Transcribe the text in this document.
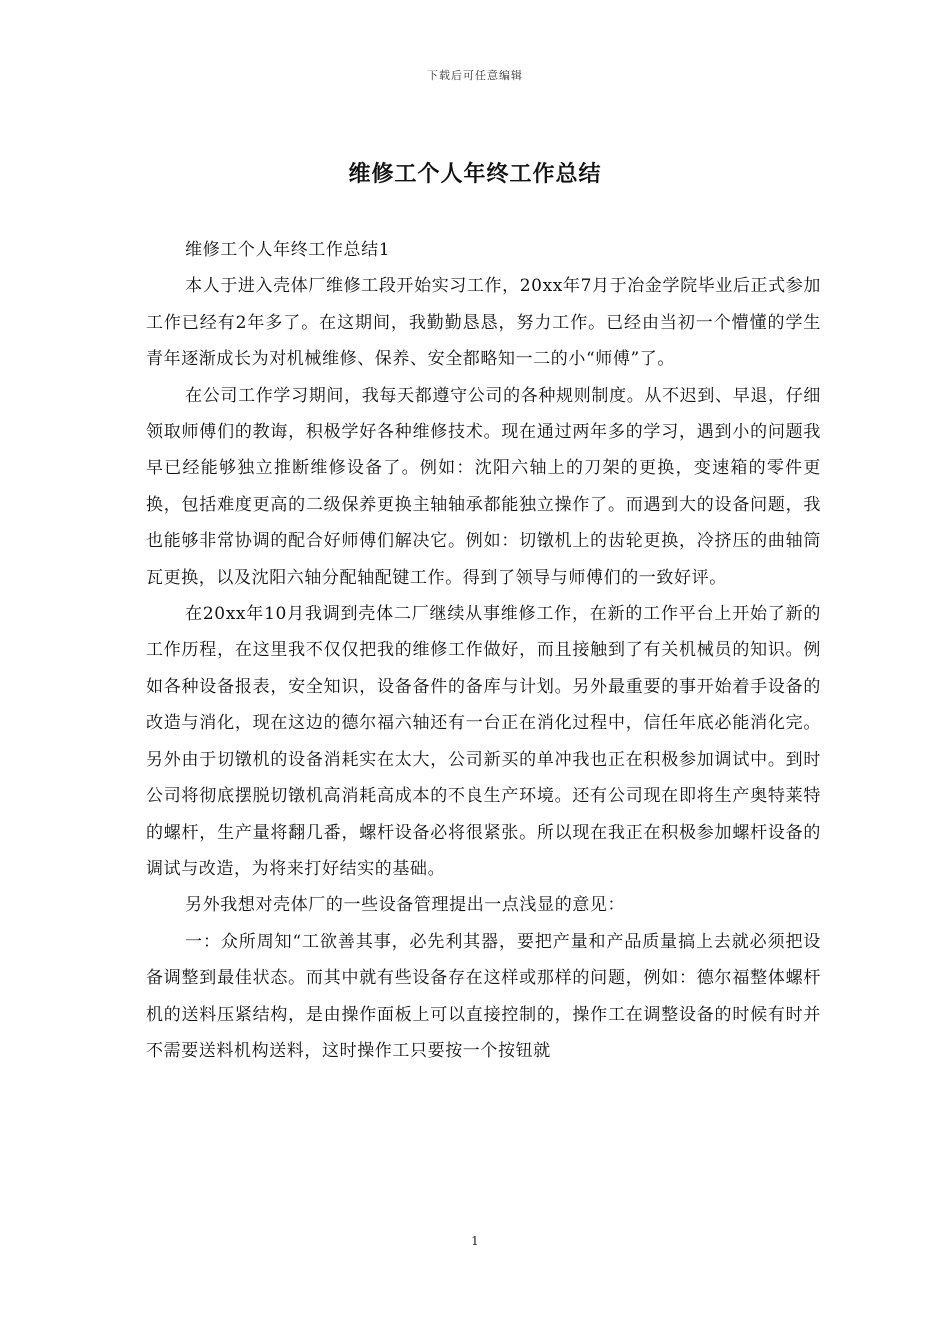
下载后可任意编辑
维修工个人年终工作总结

维修工个人年终工作总结1

本人于进入壳体厂维修工段开始实习工作，20xx年7月于冶金学院毕业后正式参加工作已经有2年多了。在这期间，我勤勤恳恳，努力工作。已经由当初一个懵懂的学生青年逐渐成长为对机械维修、保养、安全都略知一二的小“师傅”了。

在公司工作学习期间，我每天都遵守公司的各种规则制度。从不迟到、早退，仔细领取师傅们的教诲，积极学好各种维修技术。现在通过两年多的学习，遇到小的问题我早已经能够独立推断维修设备了。例如：沈阳六轴上的刀架的更换，变速箱的零件更换，包括难度更高的二级保养更换主轴轴承都能独立操作了。而遇到大的设备问题，我也能够非常协调的配合好师傅们解决它。例如：切镦机上的齿轮更换，冷挤压的曲轴筒瓦更换，以及沈阳六轴分配轴配键工作。得到了领导与师傅们的一致好评。

在20xx年10月我调到壳体二厂继续从事维修工作，在新的工作平台上开始了新的工作历程，在这里我不仅仅把我的维修工作做好，而且接触到了有关机械员的知识。例如各种设备报表，安全知识，设备备件的备库与计划。另外最重要的事开始着手设备的改造与消化，现在这边的德尔福六轴还有一台正在消化过程中，信任年底必能消化完。另外由于切镦机的设备消耗实在太大，公司新买的单冲我也正在积极参加调试中。到时公司将彻底摆脱切镦机高消耗高成本的不良生产环境。还有公司现在即将生产奥特莱特的螺杆，生产量将翻几番，螺杆设备必将很紧张。所以现在我正在积极参加螺杆设备的调试与改造，为将来打好结实的基础。

另外我想对壳体厂的一些设备管理提出一点浅显的意见：

一：众所周知“工欲善其事，必先利其器，要把产量和产品质量搞上去就必须把设备调整到最佳状态。而其中就有些设备存在这样或那样的问题，例如：德尔福整体螺杆机的送料压紧结构，是由操作面板上可以直接控制的，操作工在调整设备的时候有时并不需要送料机构送料，这时操作工只要按一个按钮就

1
